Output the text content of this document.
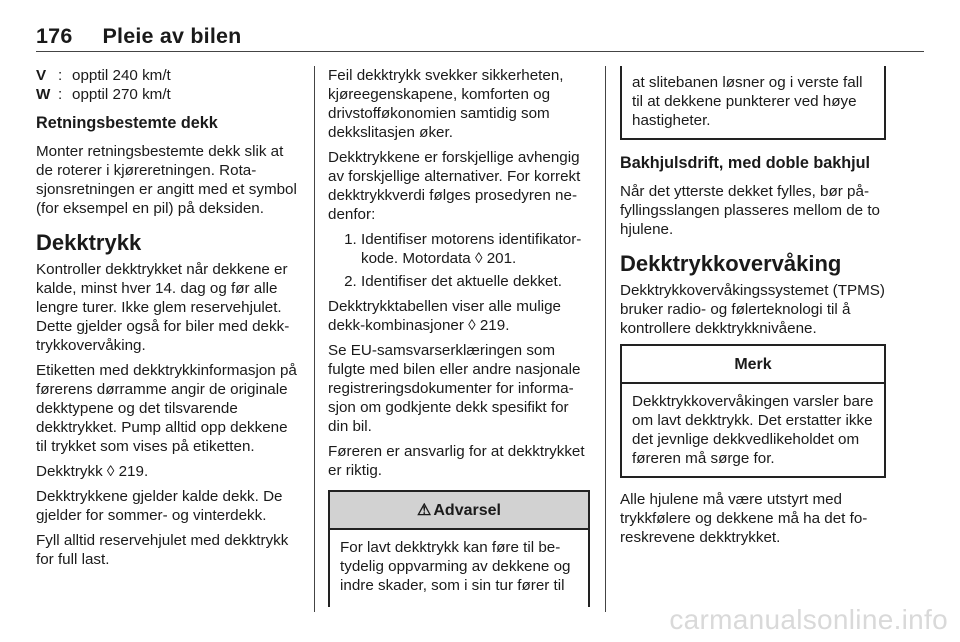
176 Pleie av bilen
V : opptil 240 km/t
W : opptil 270 km/t
Retningsbestemte dekk

Monter retningsbestemte dekk slik at de roterer i kjøreretningen. Rotasjonsretningen er angitt med et symbol (for eksempel en pil) på deksiden.

Dekktrykk

Kontroller dekktrykket når dekkene er kalde, minst hver 14. dag og før alle lengre turer. Ikke glem reservehjulet. Dette gjelder også for biler med dekktrykkovervåking.

Etiketten med dekktrykkinformasjon på førerens dørramme angir de originale dekktypene og det tilsvarende dekktrykket. Pump alltid opp dekkene til trykket som vises på etiketten.

Dekktrykk ◊ 219.

Dekktrykkene gjelder kalde dekk. De gjelder for sommer- og vinterdekk.

Fyll alltid reservehjulet med dekktrykk for full last.

Feil dekktrykk svekker sikkerheten, kjøreegenskapene, komforten og drivstofføkonomien samtidig som dekkslitasjen øker.

Dekktrykkene er forskjellige avhengig av forskjellige alternativer. For korrekt dekktrykkverdi følges prosedyren nedenfor:

1. Identifiser motorens identifikatorkode. Motordata ◊ 201.
2. Identifiser det aktuelle dekket.

Dekktrykktabellen viser alle mulige dekk-kombinasjoner ◊ 219.

Se EU-samsvarserklæringen som fulgte med bilen eller andre nasjonale registreringsdokumenter for informasjon om godkjente dekk spesifikt for din bil.

Føreren er ansvarlig for at dekktrykket er riktig.

⚠ Advarsel

For lavt dekktrykk kan føre til betydelig oppvarming av dekkene og indre skader, som i sin tur fører til

at slitebanen løsner og i verste fall til at dekkene punkterer ved høye hastigheter.

Bakhjulsdrift, med doble bakhjul

Når det ytterste dekket fylles, bør påfyllingsslangen plasseres mellom de to hjulene.

Dekktrykkovervåking

Dekktrykkovervåkingssystemet (TPMS) bruker radio- og følerteknologi til å kontrollere dekktrykknivåene.

Merk

Dekktrykkovervåkingen varsler bare om lavt dekktrykk. Det erstatter ikke det jevnlige dekkvedlikeholdet om føreren må sørge for.

Alle hjulene må være utstyrt med trykkfølere og dekkene må ha det foreskrevene dekktrykket.

carmanualsonline.info
